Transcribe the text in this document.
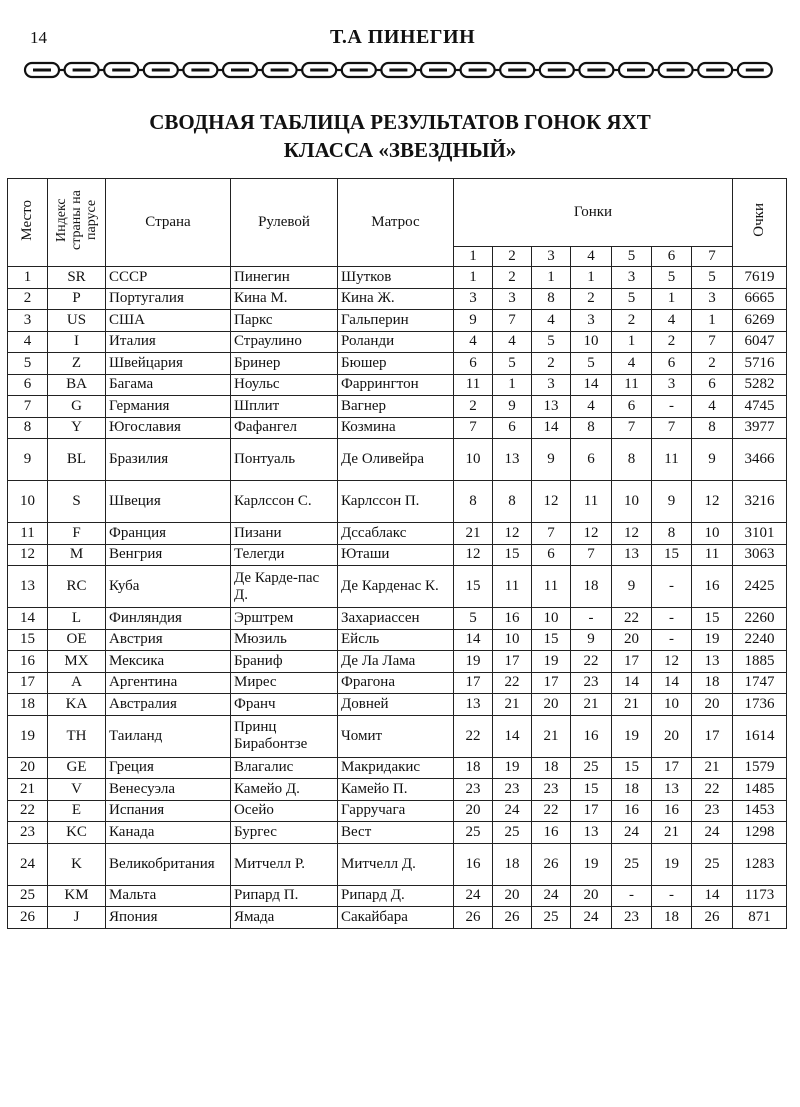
14	Т.А ПИНЕГИН
СВОДНАЯ ТАБЛИЦА РЕЗУЛЬТАТОВ ГОНОК ЯХТ
КЛАССА «ЗВЕЗДНЫЙ»
Место	Индекс страны на парусе	Страна	Рулевой	Матрос	Гонки							Очки
					1	2	3	4	5	6	7	
1	SR	СССР	Пинегин	Шутков	1	2	1	1	3	5	5	7619
2	P	Португалия	Кина М.	Кина Ж.	3	3	8	2	5	1	3	6665
3	US	США	Паркс	Гальперин	9	7	4	3	2	4	1	6269
4	I	Италия	Страулино	Роланди	4	4	5	10	1	2	7	6047
5	Z	Швейцария	Бринер	Бюшер	6	5	2	5	4	6	2	5716
6	BA	Багама	Ноульс	Фаррингтон	11	1	3	14	11	3	6	5282
7	G	Германия	Шплит	Вагнер	2	9	13	4	6	-	4	4745
8	Y	Югославия	Фафангел	Козмина	7	6	14	8	7	7	8	3977
9	BL	Бразилия	Понтуаль	Де Оливейра	10	13	9	6	8	11	9	3466
10	S	Швеция	Карлссон С.	Карлссон П.	8	8	12	11	10	9	12	3216
11	F	Франция	Пизани	Дссаблакс	21	12	7	12	12	8	10	3101
12	M	Венгрия	Телегди	Юташи	12	15	6	7	13	15	11	3063
13	RC	Куба	Де Карде-пас Д.	Де Карденас К.	15	11	11	18	9	-	16	2425
14	L	Финляндия	Эрштрем	Захариассен	5	16	10	-	22	-	15	2260
15	OE	Австрия	Мюзиль	Ейсль	14	10	15	9	20	-	19	2240
16	MX	Мексика	Браниф	Де Ла Лама	19	17	19	22	17	12	13	1885
17	A	Аргентина	Мирес	Фрагона	17	22	17	23	14	14	18	1747
18	KA	Австралия	Франч	Довней	13	21	20	21	21	10	20	1736
19	TH	Таиланд	Принц Бирабонтзе	Чомит	22	14	21	16	19	20	17	1614
20	GE	Греция	Влагалис	Макридакис	18	19	18	25	15	17	21	1579
21	V	Венесуэла	Камейо Д.	Камейо П.	23	23	23	15	18	13	22	1485
22	E	Испания	Осейо	Гарручага	20	24	22	17	16	16	23	1453
23	KC	Канада	Бургес	Вест	25	25	16	13	24	21	24	1298
24	K	Великобритания	Митчелл Р.	Митчелл Д.	16	18	26	19	25	19	25	1283
25	KM	Мальта	Рипард П.	Рипард Д.	24	20	24	20	-	-	14	1173
26	J	Япония	Ямада	Сакайбара	26	26	25	24	23	18	26	871
